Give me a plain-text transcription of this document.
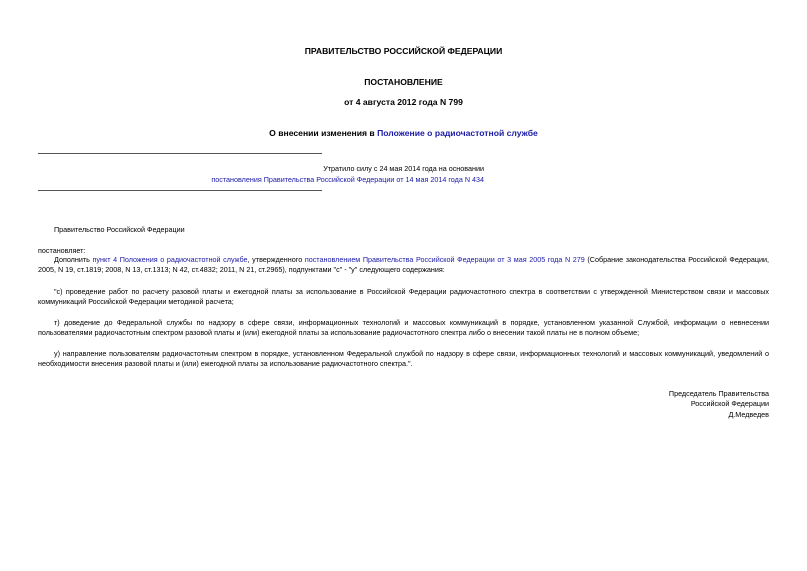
ПРАВИТЕЛЬСТВО РОССИЙСКОЙ ФЕДЕРАЦИИ
ПОСТАНОВЛЕНИЕ
от 4 августа 2012 года N 799
О внесении изменения в Положение о радиочастотной службе
Утратило силу с 24 мая 2014 года на основании
постановления Правительства Российской Федерации от 14 мая 2014 года N 434
Правительство Российской Федерации
постановляет:
Дополнить пункт 4 Положения о радиочастотной службе, утвержденного постановлением Правительства Российской Федерации от 3 мая 2005 года N 279 (Собрание законодательства Российской Федерации, 2005, N 19, ст.1819; 2008, N 13, ст.1313; N 42, ст.4832; 2011, N 21, ст.2965), подпунктами "с" - "у" следующего содержания:
"с) проведение работ по расчету разовой платы и ежегодной платы за использование в Российской Федерации радиочастотного спектра в соответствии с утвержденной Министерством связи и массовых коммуникаций Российской Федерации методикой расчета;
т) доведение до Федеральной службы по надзору в сфере связи, информационных технологий и массовых коммуникаций в порядке, установленном указанной Службой, информации о невнесении пользователями радиочастотным спектром разовой платы и (или) ежегодной платы за использование радиочастотного спектра либо о внесении такой платы не в полном объеме;
у) направление пользователям радиочастотным спектром в порядке, установленном Федеральной службой по надзору в сфере связи, информационных технологий и массовых коммуникаций, уведомлений о необходимости внесения разовой платы и (или) ежегодной платы за использование радиочастотного спектра.".
Председатель Правительства
Российской Федерации
Д.Медведев
